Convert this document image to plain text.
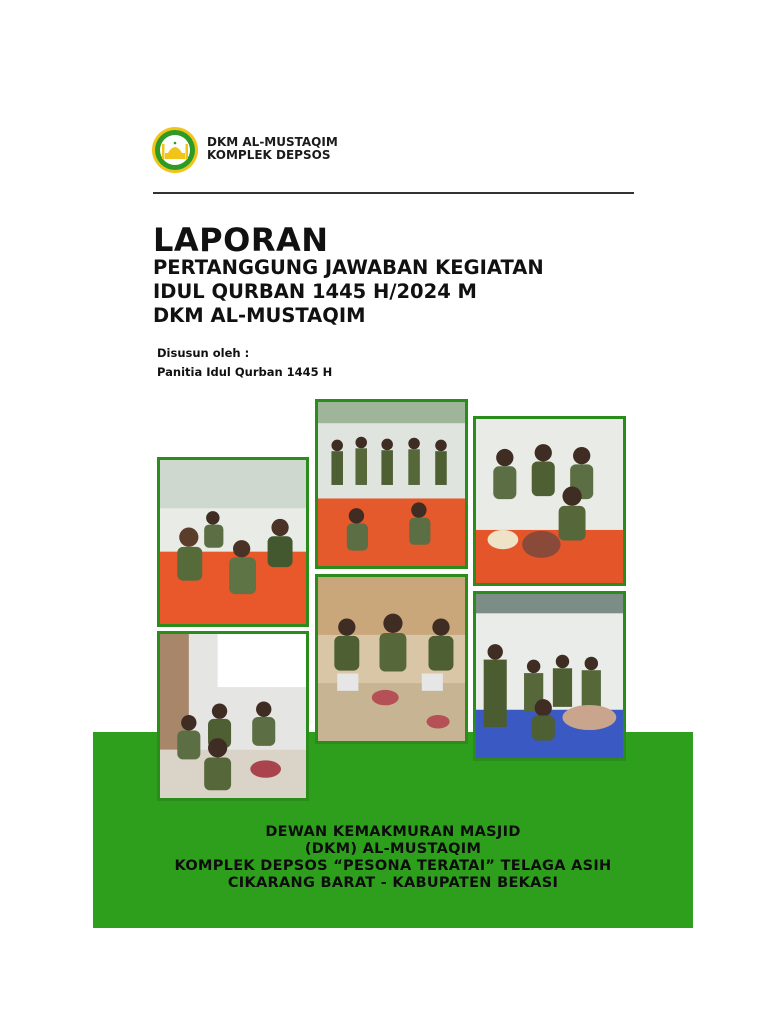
DKM AL-MUSTAQIM
KOMPLEK DEPSOS
LAPORAN
PERTANGGUNG JAWABAN KEGIATAN
IDUL QURBAN 1445 H/2024 M
DKM AL-MUSTAQIM
Disusun oleh :
Panitia Idul Qurban 1445 H
DEWAN KEMAKMURAN MASJID
(DKM) AL-MUSTAQIM
KOMPLEK DEPSOS “PESONA TERATAI” TELAGA ASIH
CIKARANG BARAT - KABUPATEN BEKASI
